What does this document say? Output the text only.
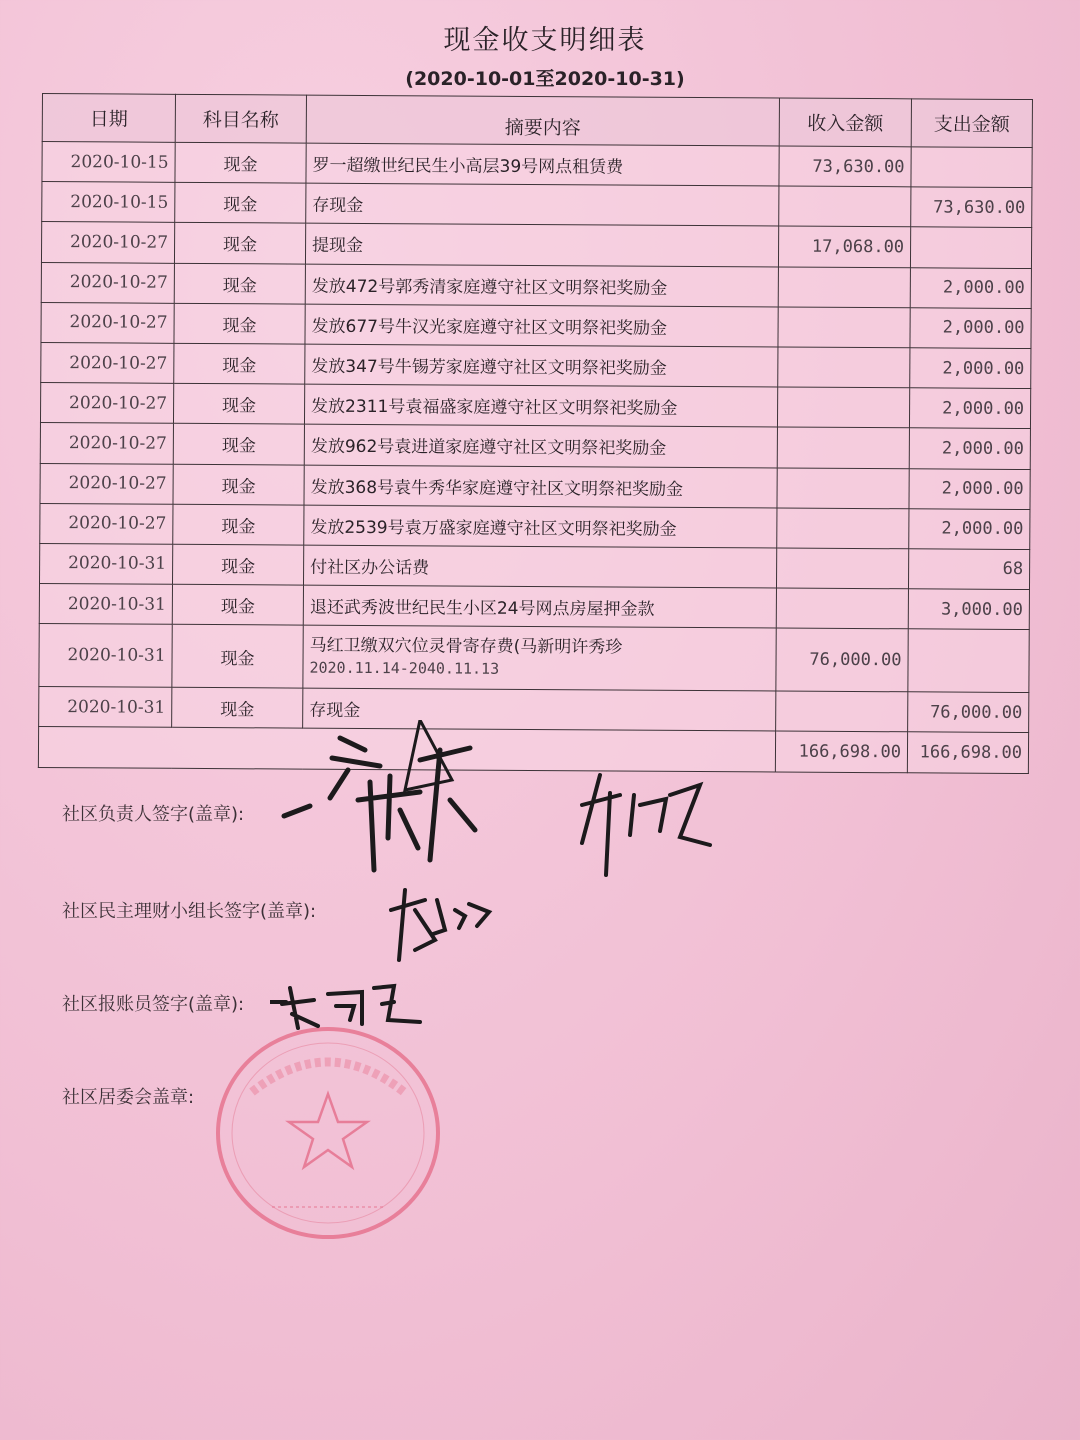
现金收支明细表
(2020-10-01至2020-10-31)
日期	科目名称	摘要内容	收入金额	支出金额
2020-10-15	现金	罗一超缴世纪民生小高层39号网点租赁费	73,630.00	
2020-10-15	现金	存现金		73,630.00
2020-10-27	现金	提现金	17,068.00	
2020-10-27	现金	发放472号郭秀清家庭遵守社区文明祭祀奖励金		2,000.00
2020-10-27	现金	发放677号牛汉光家庭遵守社区文明祭祀奖励金		2,000.00
2020-10-27	现金	发放347号牛锡芳家庭遵守社区文明祭祀奖励金		2,000.00
2020-10-27	现金	发放2311号袁福盛家庭遵守社区文明祭祀奖励金		2,000.00
2020-10-27	现金	发放962号袁进道家庭遵守社区文明祭祀奖励金		2,000.00
2020-10-27	现金	发放368号袁牛秀华家庭遵守社区文明祭祀奖励金		2,000.00
2020-10-27	现金	发放2539号袁万盛家庭遵守社区文明祭祀奖励金		2,000.00
2020-10-31	现金	付社区办公话费		68
2020-10-31	现金	退还武秀波世纪民生小区24号网点房屋押金款		3,000.00
2020-10-31	现金	马红卫缴双穴位灵骨寄存费(马新明许秀珍
2020.11.14-2040.11.13	76,000.00	
2020-10-31	现金	存现金		76,000.00
			166,698.00	166,698.00
社区负责人签字(盖章):
社区民主理财小组长签字(盖章):
社区报账员签字(盖章):
社区居委会盖章:
